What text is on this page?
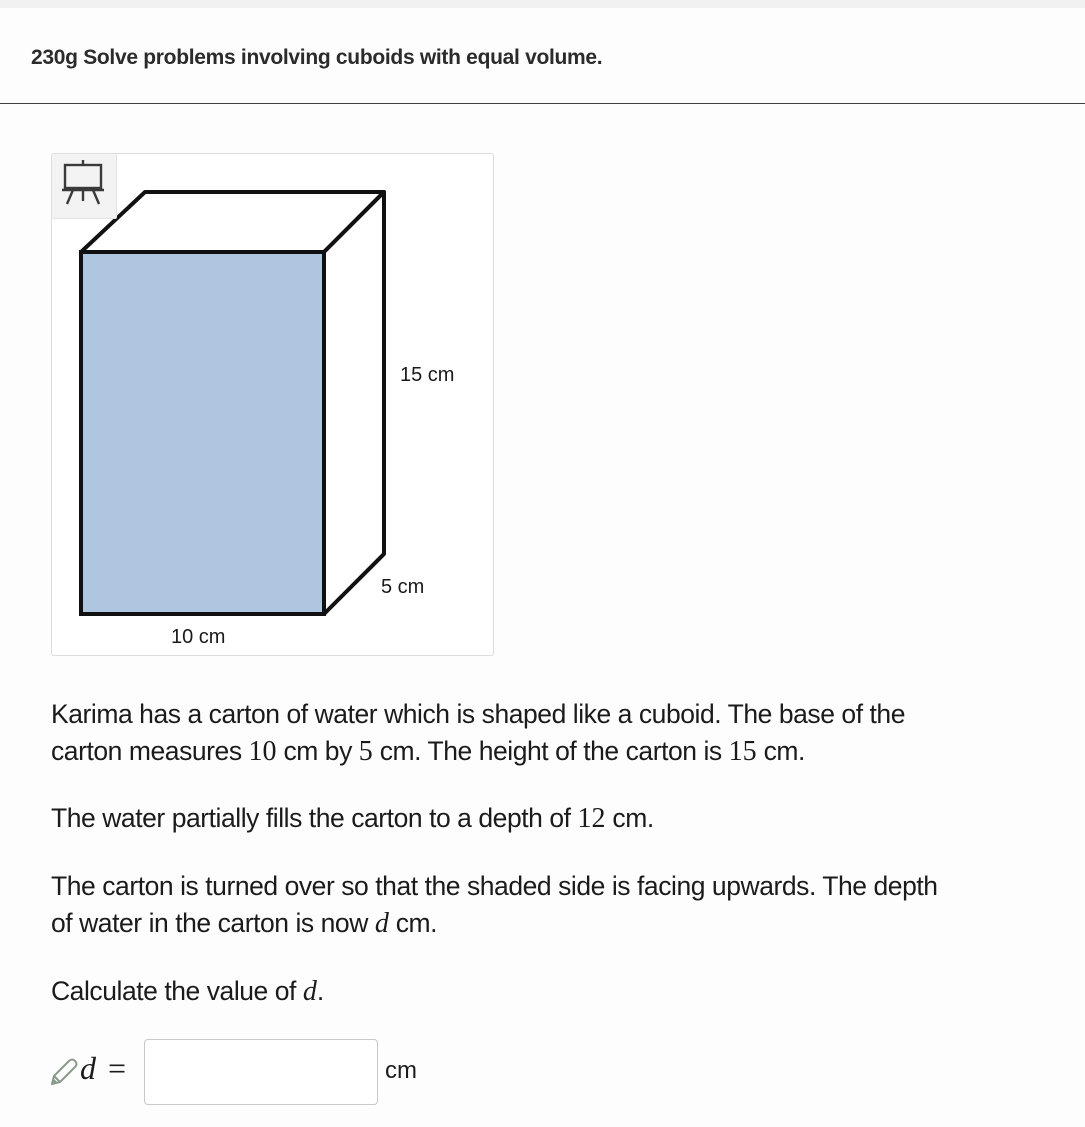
230g Solve problems involving cuboids with equal volume.
15 cm
5 cm
10 cm

Karima has a carton of water which is shaped like a cuboid. The base of the
carton measures 10 cm by 5 cm. The height of the carton is 15 cm.

The water partially fills the carton to a depth of 12 cm.

The carton is turned over so that the shaded side is facing upwards. The depth
of water in the carton is now d cm.

Calculate the value of d.

d =	cm
